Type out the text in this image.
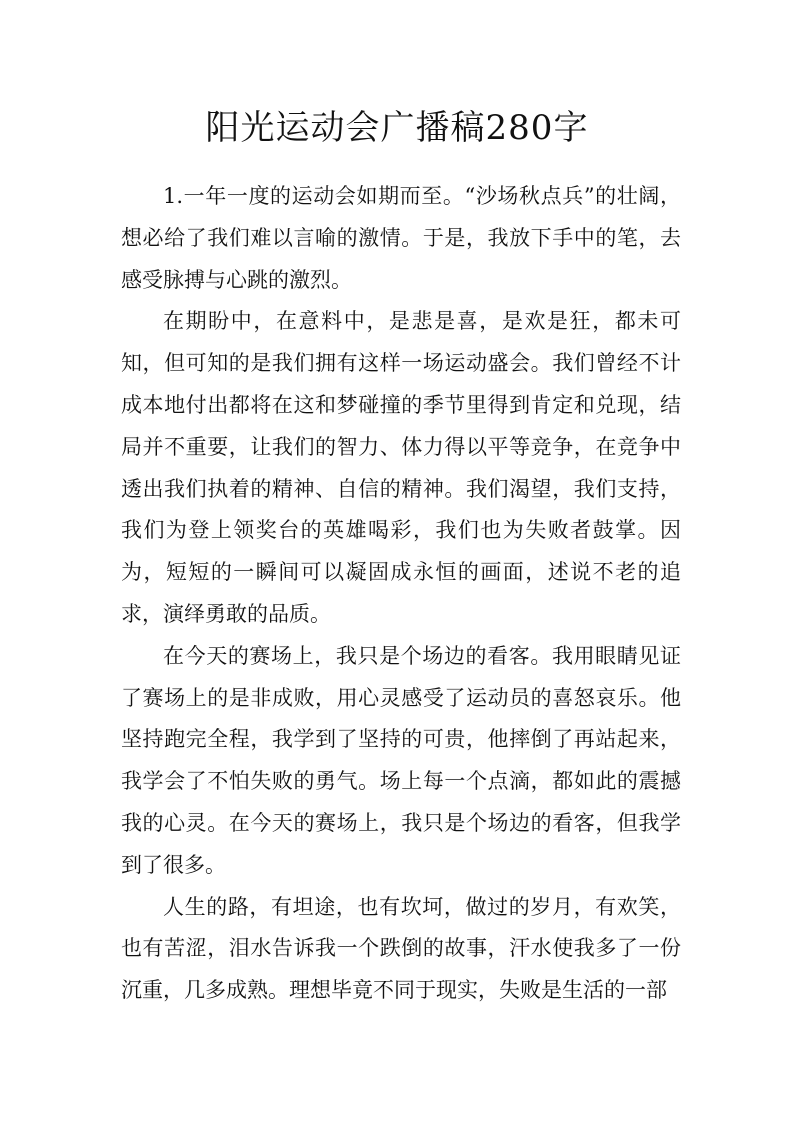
阳光运动会广播稿280字

1.一年一度的运动会如期而至。“沙场秋点兵”的壮阔，想必给了我们难以言喻的激情。于是，我放下手中的笔，去感受脉搏与心跳的激烈。

在期盼中，在意料中，是悲是喜，是欢是狂，都未可知，但可知的是我们拥有这样一场运动盛会。我们曾经不计成本地付出都将在这和梦碰撞的季节里得到肯定和兑现，结局并不重要，让我们的智力、体力得以平等竞争，在竞争中透出我们执着的精神、自信的精神。我们渴望，我们支持，我们为登上领奖台的英雄喝彩，我们也为失败者鼓掌。因为，短短的一瞬间可以凝固成永恒的画面，述说不老的追求，演绎勇敢的品质。

在今天的赛场上，我只是个场边的看客。我用眼睛见证了赛场上的是非成败，用心灵感受了运动员的喜怒哀乐。他坚持跑完全程，我学到了坚持的可贵，他摔倒了再站起来，我学会了不怕失败的勇气。场上每一个点滴，都如此的震撼我的心灵。在今天的赛场上，我只是个场边的看客，但我学到了很多。

人生的路，有坦途，也有坎坷，做过的岁月，有欢笑，也有苦涩，泪水告诉我一个跌倒的故事，汗水使我多了一份沉重，几多成熟。理想毕竟不同于现实，失败是生活的一部
